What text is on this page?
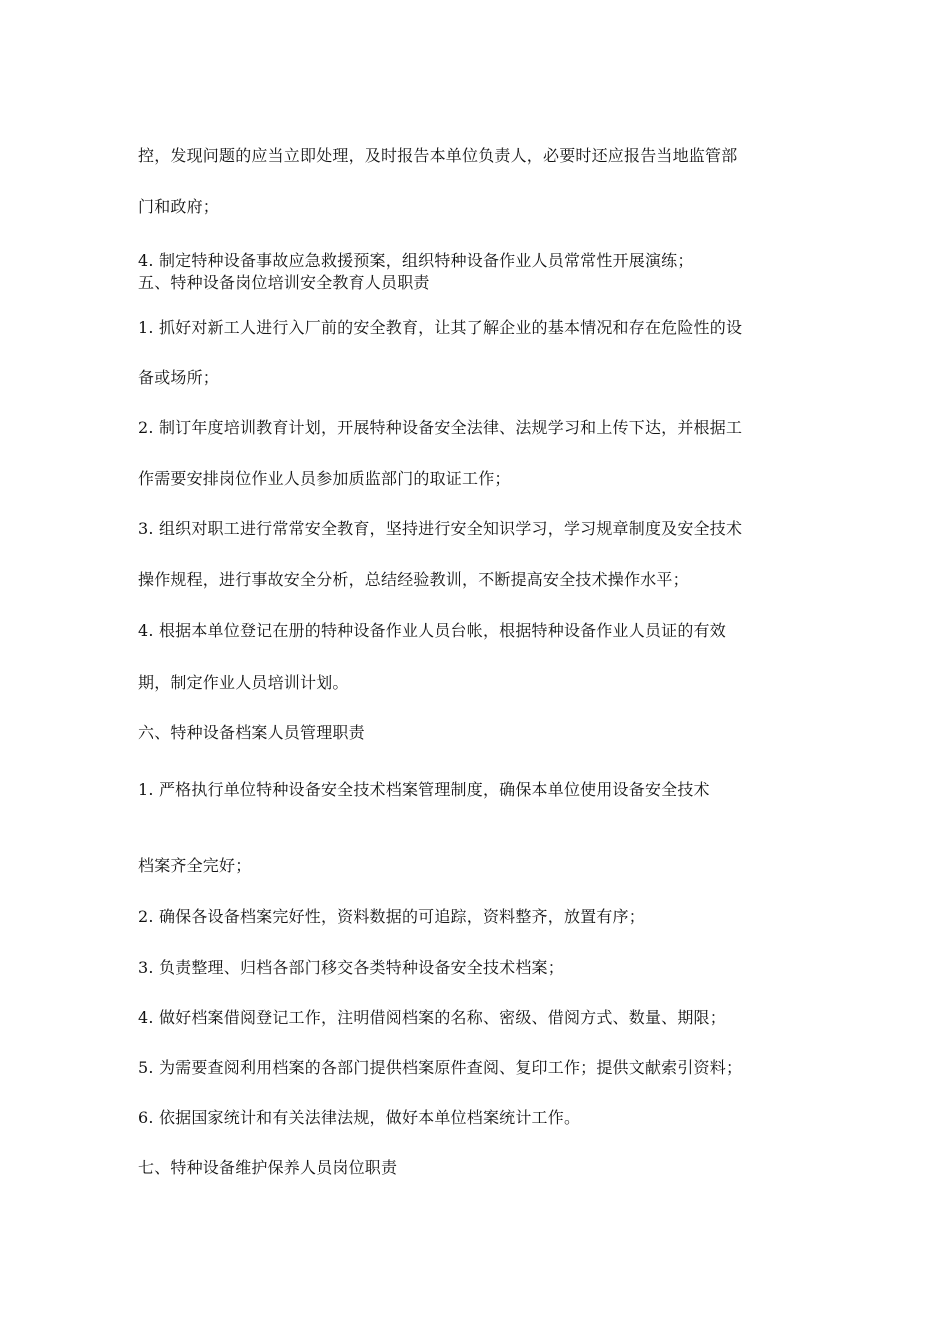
控，发现问题的应当立即处理，及时报告本单位负责人，必要时还应报告当地监管部
门和政府；
4. 制定特种设备事故应急救援预案，组织特种设备作业人员常常性开展演练；
五、特种设备岗位培训安全教育人员职责
1. 抓好对新工人进行入厂前的安全教育，让其了解企业的基本情况和存在危险性的设
备或场所；
2. 制订年度培训教育计划，开展特种设备安全法律、法规学习和上传下达，并根据工
作需要安排岗位作业人员参加质监部门的取证工作；
3. 组织对职工进行常常安全教育，坚持进行安全知识学习，学习规章制度及安全技术
操作规程，进行事故安全分析，总结经验教训，不断提高安全技术操作水平；
4. 根据本单位登记在册的特种设备作业人员台帐，根据特种设备作业人员证的有效
期，制定作业人员培训计划。
六、特种设备档案人员管理职责
1. 严格执行单位特种设备安全技术档案管理制度，确保本单位使用设备安全技术
档案齐全完好；
2. 确保各设备档案完好性，资料数据的可追踪，资料整齐，放置有序；
3. 负责整理、归档各部门移交各类特种设备安全技术档案；
4. 做好档案借阅登记工作，注明借阅档案的名称、密级、借阅方式、数量、期限；
5. 为需要查阅利用档案的各部门提供档案原件查阅、复印工作；提供文献索引资料；
6. 依据国家统计和有关法律法规，做好本单位档案统计工作。
七、特种设备维护保养人员岗位职责
